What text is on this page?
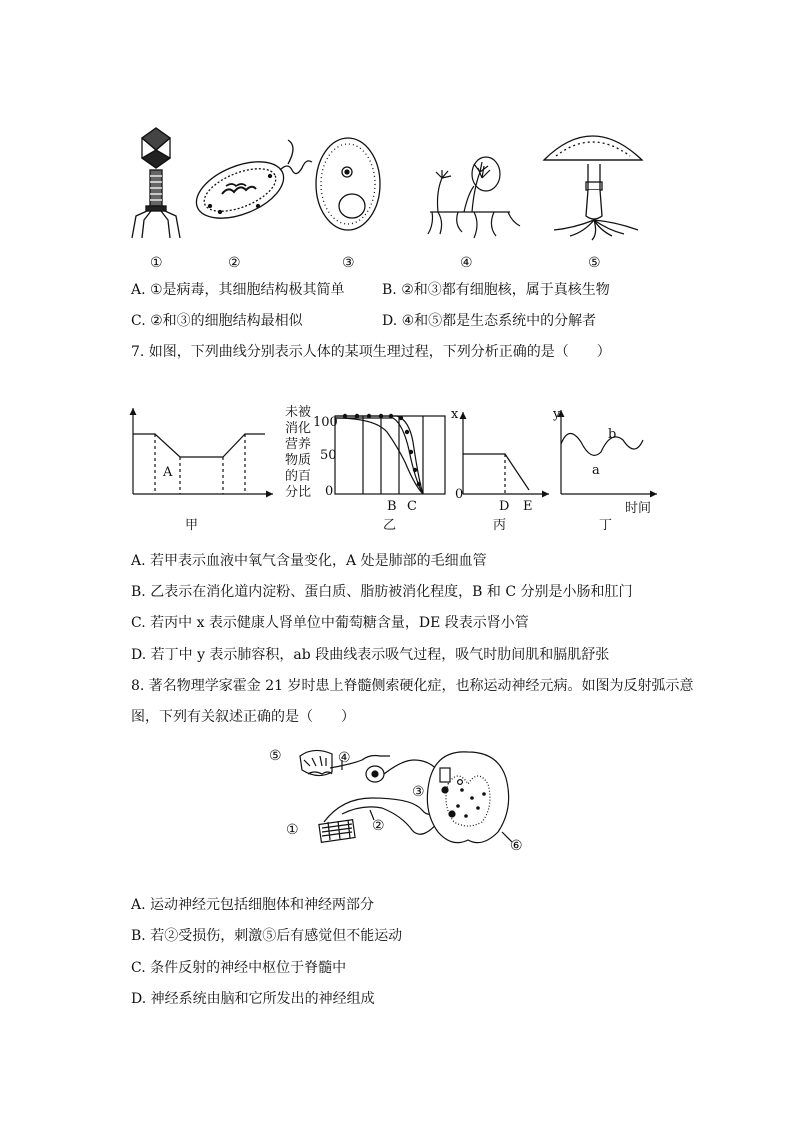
①	②	③	④	⑤
A. ①是病毒，其细胞结构极其简单	B. ②和③都有细胞核，属于真核生物
C. ②和③的细胞结构最相似	D. ④和⑤都是生态系统中的分解者
7. 如图，下列曲线分别表示人体的某项生理过程，下列分析正确的是（　　）
A
甲
未被
消化
营养
物质
的百
分比
100
50
0
B C
乙
x
0
D E
丙
y
a
b
时间
丁
A. 若甲表示血液中氧气含量变化，A 处是肺部的毛细血管
B. 乙表示在消化道内淀粉、蛋白质、脂肪被消化程度，B 和 C 分别是小肠和肛门
C. 若丙中 x 表示健康人肾单位中葡萄糖含量，DE 段表示肾小管
D. 若丁中 y 表示肺容积，ab 段曲线表示吸气过程，吸气时肋间肌和膈肌舒张
8. 著名物理学家霍金 21 岁时患上脊髓侧索硬化症，也称运动神经元病。如图为反射弧示意
图，下列有关叙述正确的是（　　）
⑤	④
③
②
①
⑥
A. 运动神经元包括细胞体和神经两部分
B. 若②受损伤，刺激⑤后有感觉但不能运动
C. 条件反射的神经中枢位于脊髓中
D. 神经系统由脑和它所发出的神经组成
